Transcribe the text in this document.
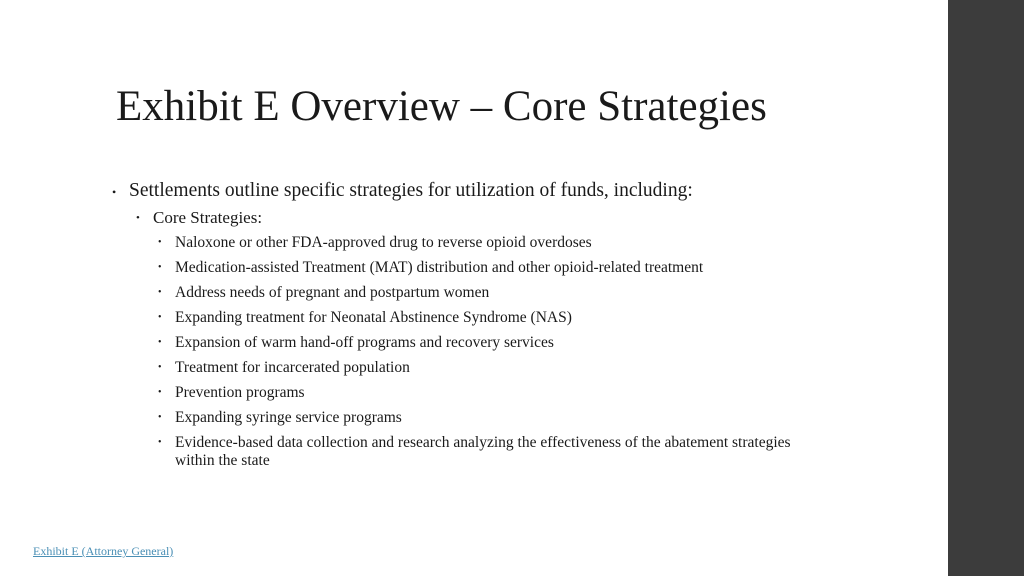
Exhibit E Overview – Core Strategies

• Settlements outline specific strategies for utilization of funds, including:

• Core Strategies:
• Naloxone or other FDA-approved drug to reverse opioid overdoses
• Medication-assisted Treatment (MAT) distribution and other opioid-related treatment
• Address needs of pregnant and postpartum women
• Expanding treatment for Neonatal Abstinence Syndrome (NAS)
• Expansion of warm hand-off programs and recovery services
• Treatment for incarcerated population
• Prevention programs
• Expanding syringe service programs
• Evidence-based data collection and research analyzing the effectiveness of the abatement strategies within the state
Exhibit E (Attorney General)
